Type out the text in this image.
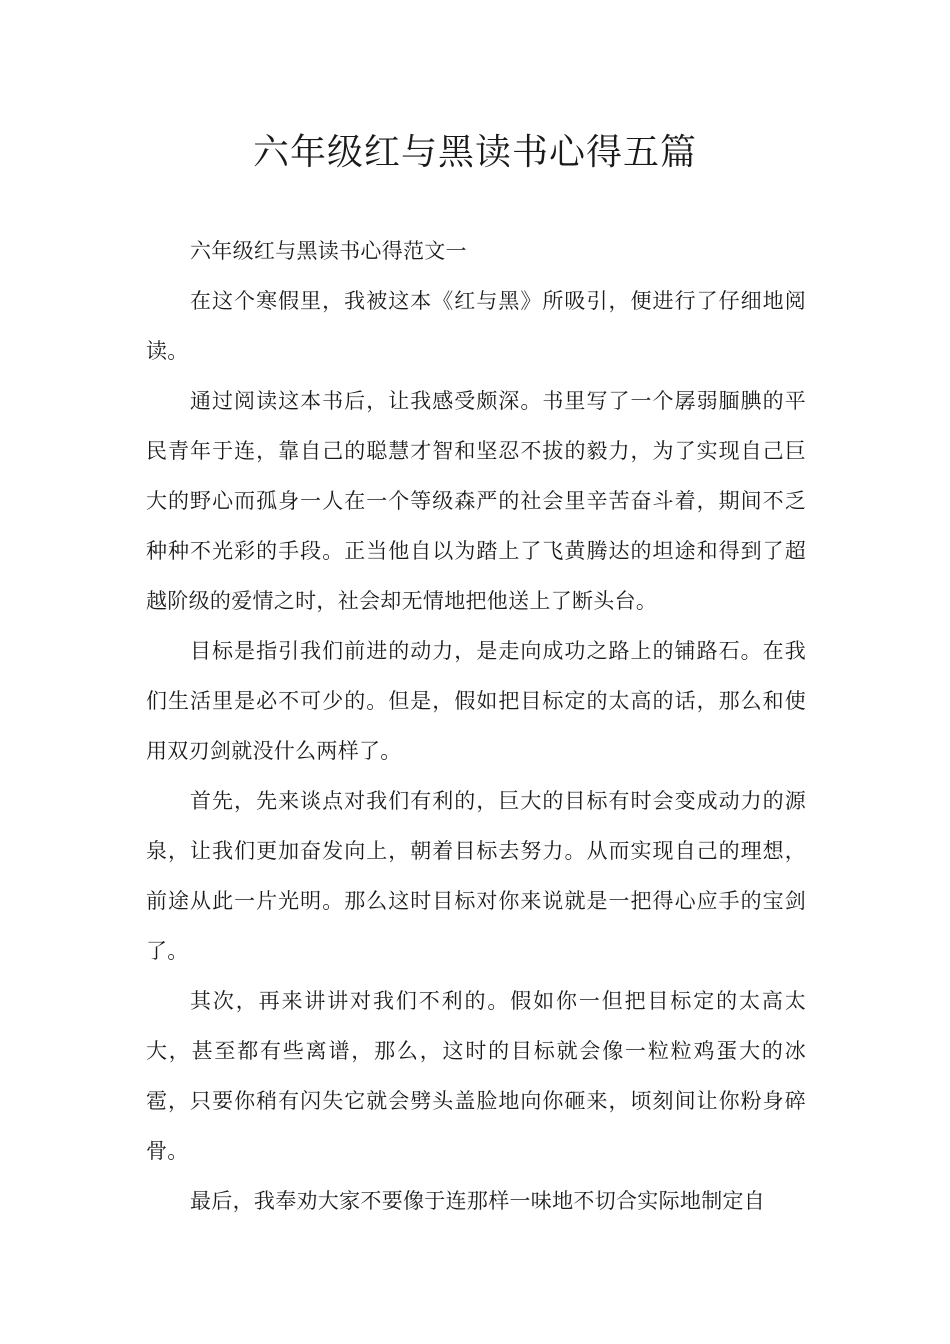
六年级红与黑读书心得五篇

六年级红与黑读书心得范文一

在这个寒假里，我被这本《红与黑》所吸引，便进行了仔细地阅读。

通过阅读这本书后，让我感受颇深。书里写了一个孱弱腼腆的平民青年于连，靠自己的聪慧才智和坚忍不拔的毅力，为了实现自己巨大的野心而孤身一人在一个等级森严的社会里辛苦奋斗着，期间不乏种种不光彩的手段。正当他自以为踏上了飞黄腾达的坦途和得到了超越阶级的爱情之时，社会却无情地把他送上了断头台。

目标是指引我们前进的动力，是走向成功之路上的铺路石。在我们生活里是必不可少的。但是，假如把目标定的太高的话，那么和使用双刃剑就没什么两样了。

首先，先来谈点对我们有利的，巨大的目标有时会变成动力的源泉，让我们更加奋发向上，朝着目标去努力。从而实现自己的理想，前途从此一片光明。那么这时目标对你来说就是一把得心应手的宝剑了。

其次，再来讲讲对我们不利的。假如你一但把目标定的太高太大，甚至都有些离谱，那么，这时的目标就会像一粒粒鸡蛋大的冰雹，只要你稍有闪失它就会劈头盖脸地向你砸来，顷刻间让你粉身碎骨。

最后，我奉劝大家不要像于连那样一味地不切合实际地制定自
